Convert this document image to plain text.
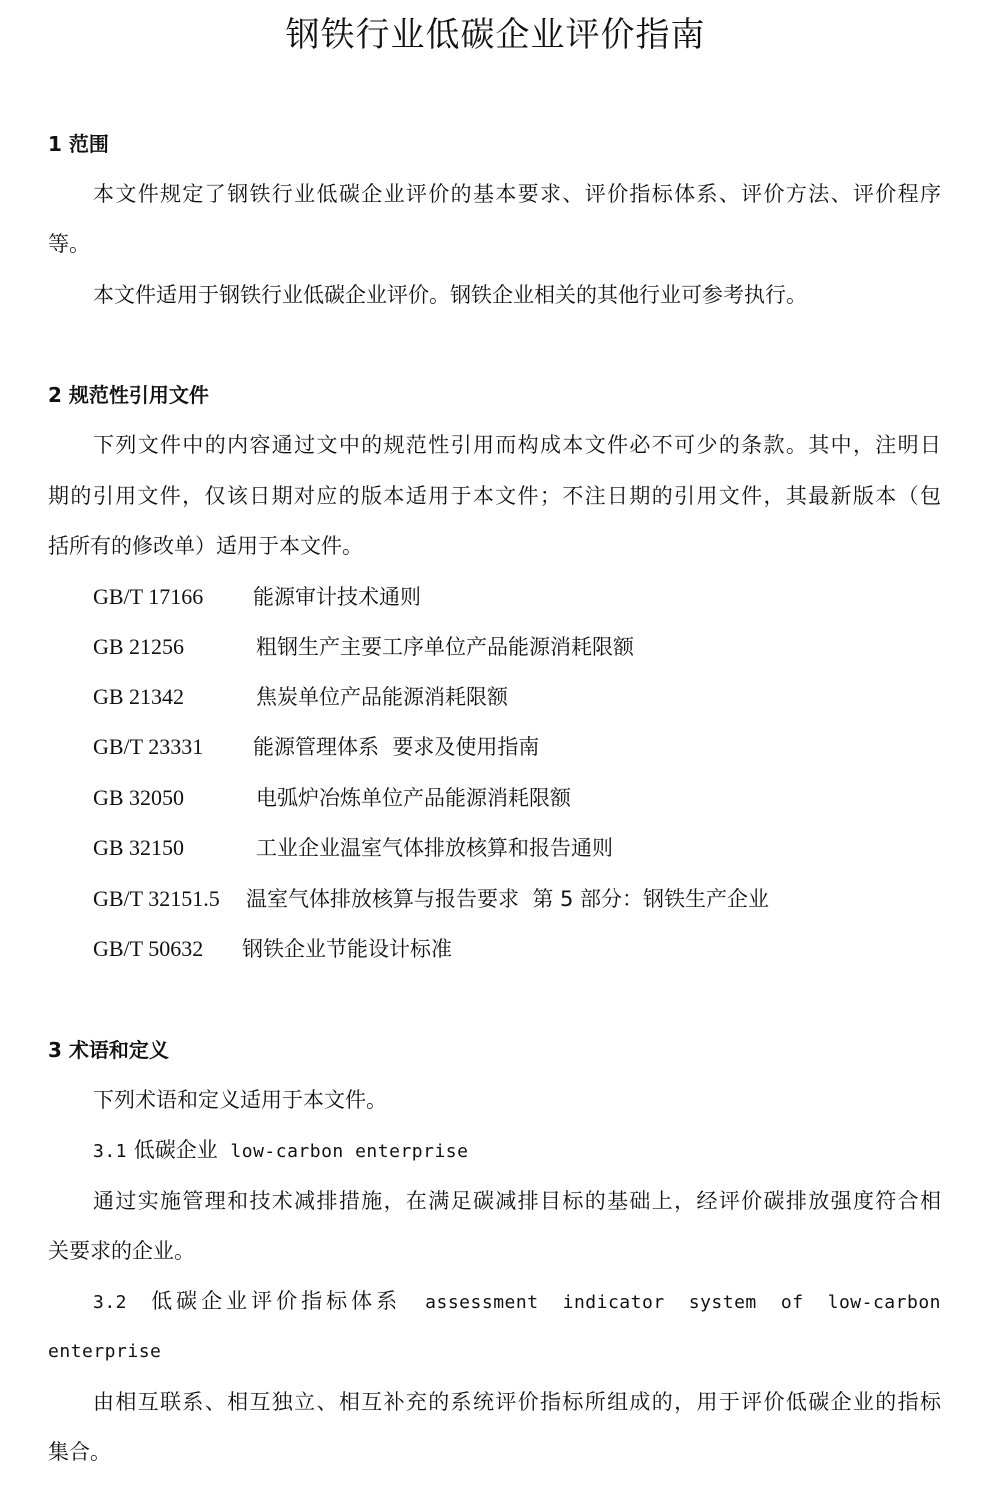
钢铁行业低碳企业评价指南
1 范围
本文件规定了钢铁行业低碳企业评价的基本要求、评价指标体系、评价方法、评价程序
等。
本文件适用于钢铁行业低碳企业评价。钢铁企业相关的其他行业可参考执行。
2 规范性引用文件
下列文件中的内容通过文中的规范性引用而构成本文件必不可少的条款。其中，注明日
期的引用文件，仅该日期对应的版本适用于本文件；不注日期的引用文件，其最新版本（包
括所有的修改单）适用于本文件。
GB/T 17166 能源审计技术通则
GB 21256	粗钢生产主要工序单位产品能源消耗限额
GB 21342	焦炭单位产品能源消耗限额
GB/T 23331 能源管理体系  要求及使用指南
GB 32050	电弧炉冶炼单位产品能源消耗限额
GB 32150	工业企业温室气体排放核算和报告通则
GB/T 32151.5 温室气体排放核算与报告要求  第 5 部分：钢铁生产企业
GB/T 50632 钢铁企业节能设计标准
3 术语和定义
下列术语和定义适用于本文件。
3.1 低碳企业 low-carbon enterprise
通过实施管理和技术减排措施，在满足碳减排目标的基础上，经评价碳排放强度符合相
关要求的企业。
3.2 低碳企业评价指标体系 assessment indicator system of low-carbon
enterprise
由相互联系、相互独立、相互补充的系统评价指标所组成的，用于评价低碳企业的指标
集合。
